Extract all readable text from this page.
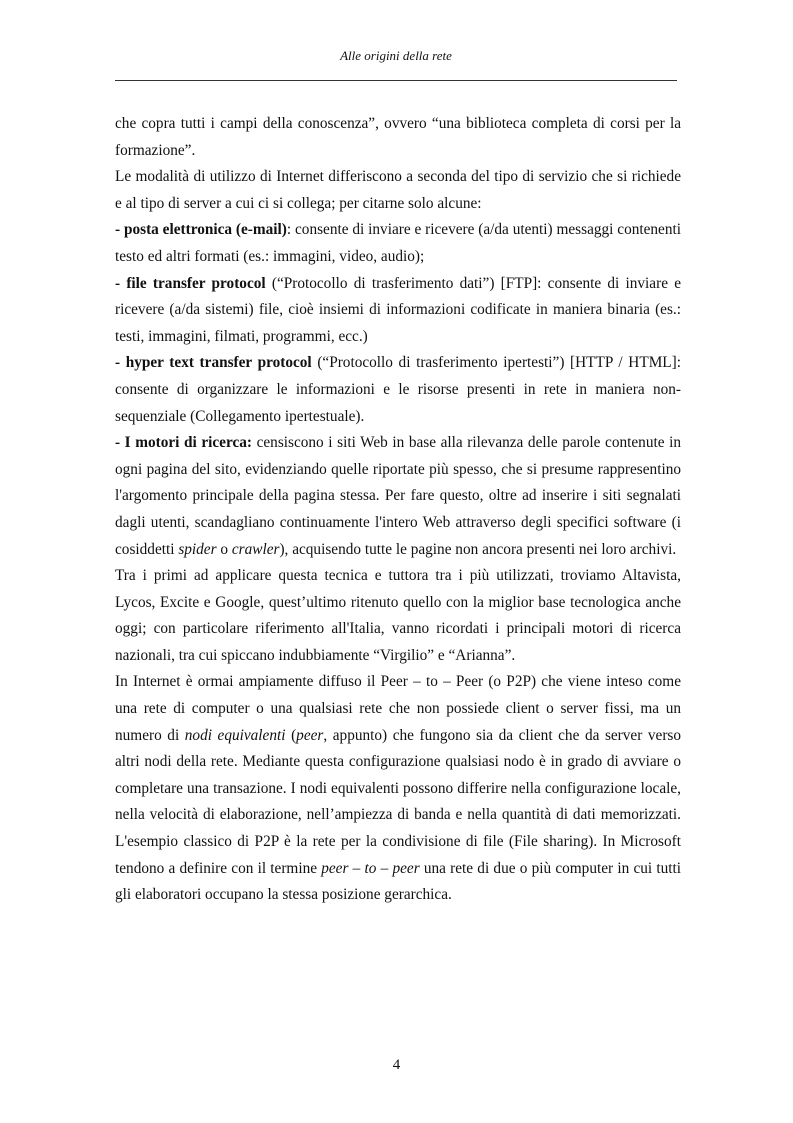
Alle origini della rete

che copra tutti i campi della conoscenza”, ovvero “una biblioteca completa di corsi per la formazione”.

Le modalità di utilizzo di Internet differiscono a seconda del tipo di servizio che si richiede e al tipo di server a cui ci si collega; per citarne solo alcune:

- posta elettronica (e-mail): consente di inviare e ricevere (a/da utenti) messaggi contenenti testo ed altri formati (es.: immagini, video, audio);

- file transfer protocol (“Protocollo di trasferimento dati”) [FTP]: consente di inviare e ricevere (a/da sistemi) file, cioè insiemi di informazioni codificate in maniera binaria (es.: testi, immagini, filmati, programmi, ecc.)

- hyper text transfer protocol (“Protocollo di trasferimento ipertesti”) [HTTP / HTML]: consente di organizzare le informazioni e le risorse presenti in rete in maniera non-sequenziale (Collegamento ipertestuale).

- I motori di ricerca: censiscono i siti Web in base alla rilevanza delle parole contenute in ogni pagina del sito, evidenziando quelle riportate più spesso, che si presume rappresentino l'argomento principale della pagina stessa. Per fare questo, oltre ad inserire i siti segnalati dagli utenti, scandagliano continuamente l'intero Web attraverso degli specifici software (i cosiddetti spider o crawler), acquisendo tutte le pagine non ancora presenti nei loro archivi.

Tra i primi ad applicare questa tecnica e tuttora tra i più utilizzati, troviamo Altavista, Lycos, Excite e Google, quest’ultimo ritenuto quello con la miglior base tecnologica anche oggi; con particolare riferimento all'Italia, vanno ricordati i principali motori di ricerca nazionali, tra cui spiccano indubbiamente “Virgilio” e “Arianna”.

In Internet è ormai ampiamente diffuso il Peer – to – Peer (o P2P) che viene inteso come una rete di computer o una qualsiasi rete che non possiede client o server fissi, ma un numero di nodi equivalenti (peer, appunto) che fungono sia da client che da server verso altri nodi della rete. Mediante questa configurazione qualsiasi nodo è in grado di avviare o completare una transazione. I nodi equivalenti possono differire nella configurazione locale, nella velocità di elaborazione, nell’ampiezza di banda e nella quantità di dati memorizzati. L'esempio classico di P2P è la rete per la condivisione di file (File sharing). In Microsoft tendono a definire con il termine peer – to – peer una rete di due o più computer in cui tutti gli elaboratori occupano la stessa posizione gerarchica.

4
